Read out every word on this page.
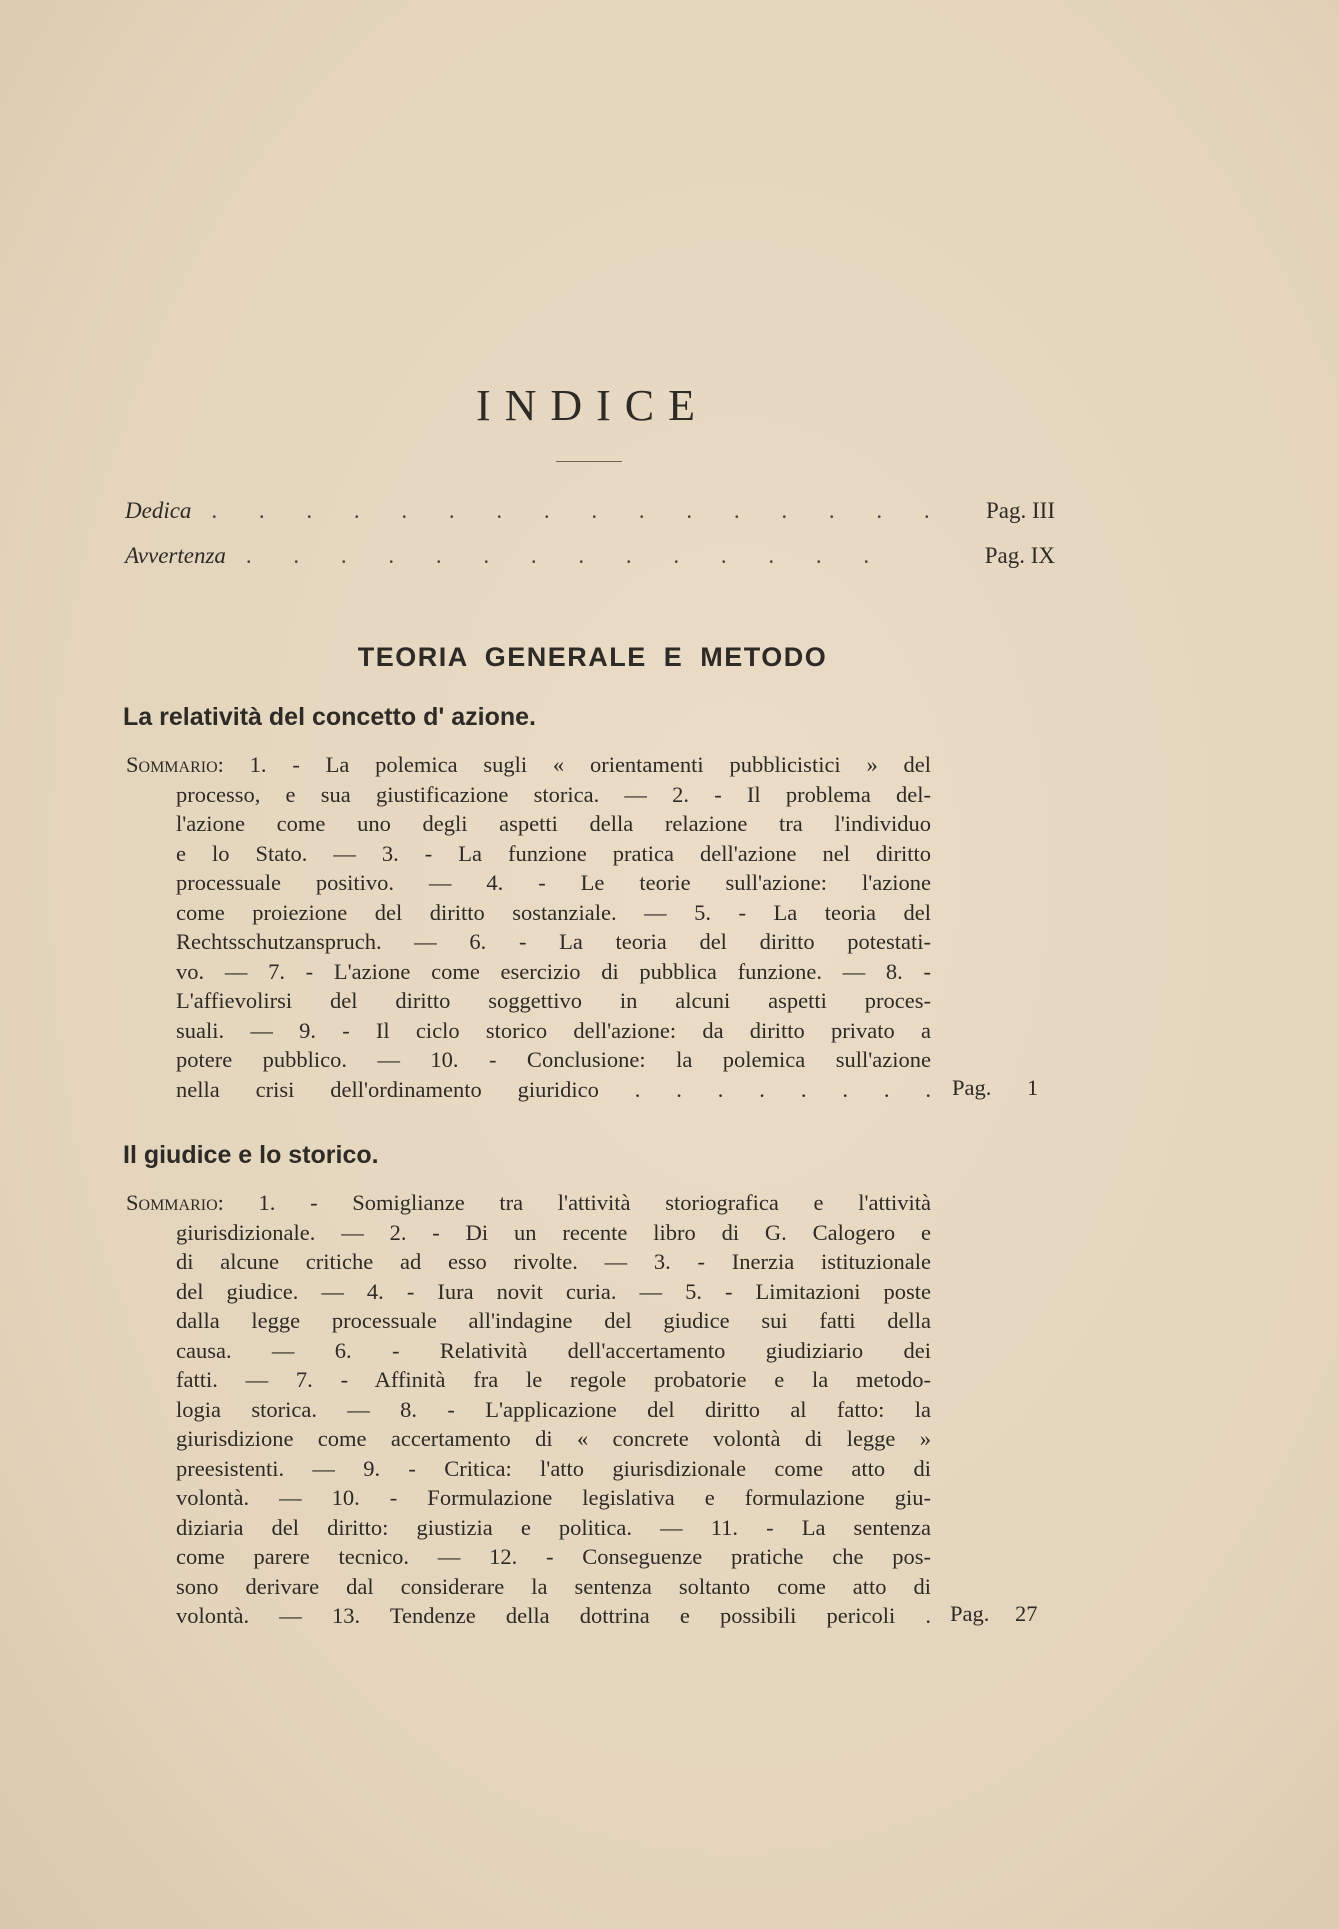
INDICE
Dedica . . . . . . . . . . . . . . . .	Pag. III
Avvertenza . . . . . . . . . . . . . .	Pag. IX
TEORIA GENERALE E METODO
La relatività del concetto d' azione.
Sommario: 1. - La polemica sugli « orientamenti pubblicistici » del
processo, e sua giustificazione storica. — 2. - Il problema del-
l'azione come uno degli aspetti della relazione tra l'individuo
e lo Stato. — 3. - La funzione pratica dell'azione nel diritto
processuale positivo. — 4. - Le teorie sull'azione: l'azione
come proiezione del diritto sostanziale. — 5. - La teoria del
Rechtsschutzanspruch. — 6. - La teoria del diritto potestati-
vo. — 7. - L'azione come esercizio di pubblica funzione. — 8. -
L'affievolirsi del diritto soggettivo in alcuni aspetti proces-
suali. — 9. - Il ciclo storico dell'azione: da diritto privato a
potere pubblico. — 10. - Conclusione: la polemica sull'azione
nella crisi dell'ordinamento giuridico . . . . . . . . Pag. 1
Il giudice e lo storico.
Sommario: 1. - Somiglianze tra l'attività storiografica e l'attività
giurisdizionale. — 2. - Di un recente libro di G. Calogero e
di alcune critiche ad esso rivolte. — 3. - Inerzia istituzionale
del giudice. — 4. - Iura novit curia. — 5. - Limitazioni poste
dalla legge processuale all'indagine del giudice sui fatti della
causa. — 6. - Relatività dell'accertamento giudiziario dei
fatti. — 7. - Affinità fra le regole probatorie e la metodo-
logia storica. — 8. - L'applicazione del diritto al fatto: la
giurisdizione come accertamento di « concrete volontà di legge »
preesistenti. — 9. - Critica: l'atto giurisdizionale come atto di
volontà. — 10. - Formulazione legislativa e formulazione giu-
diziaria del diritto: giustizia e politica. — 11. - La sentenza
come parere tecnico. — 12. - Conseguenze pratiche che pos-
sono derivare dal considerare la sentenza soltanto come atto di
volontà. — 13. Tendenze della dottrina e possibili pericoli . Pag. 27
